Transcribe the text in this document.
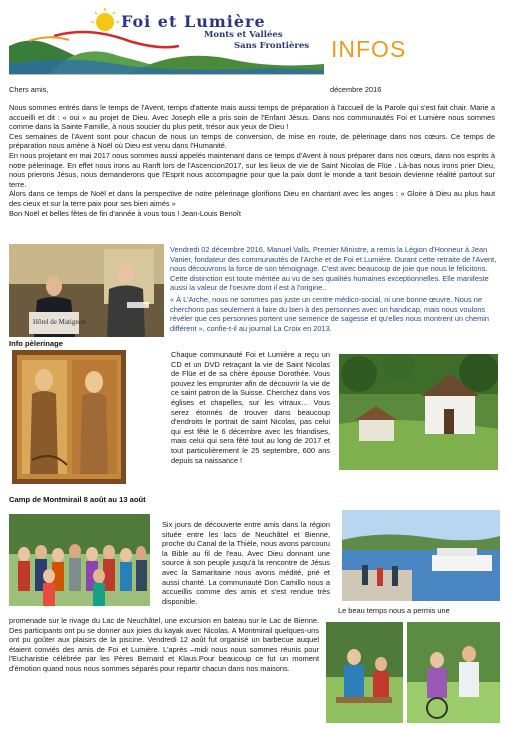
Foi et Lumière
Monts et Vallées
Sans Frontières INFOS
Chers amis,	décembre 2016
Nous sommes entrés dans le temps de l'Avent, temps d'attente mais aussi temps de préparation à l'accueil de la Parole qui s'est fait chair. Marie a accueilli et dit : « oui » au projet de Dieu. Avec Joseph elle a pris soin de l'Enfant Jésus. Dans nos communautés Foi et Lumière nous sommes comme dans la Sainte Famille, à nous soucier du plus petit, trésor aux yeux de Dieu !
Ces semaines de l'Avent sont pour chacun de nous un temps de conversion, de mise en route, de pèlerinage dans nos cœurs. Ce temps de préparation nous amène à Noël où Dieu est venu dans l'Humanité.
En nous projetant en mai 2017 nous sommes aussi appelés maintenant dans ce temps d'Avent à nous préparer dans nos cœurs, dans nos esprits à notre pèlerinage. En effet nous irons au Ranft lors de l'Ascencion2017, sur les lieux de vie de Saint Nicolas de Flüe . Là-bas nous irons prier Dieu, nous prierons Jésus, nous demanderons que l'Esprit nous accompagne pour que la paix dont le monde a tant besoin devienne réalité partout sur terre.
Alors dans ce temps de Noël et dans la perspective de notre pèlerinage glorifions Dieu en chantant avec les anges : « Gloire à Dieu au plus haut des cieux et sur la terre paix pour ses bien aimés »
Bon Noël et belles fêtes de fin d'année à vous tous ! Jean-Louis Benoît
Hôtel de Matignon
Vendredi 02 décembre 2016, Manuel Valls, Premier Ministre, a remis la Légion d'Honneur à Jean Vanier, fondateur des communautés de l'Arche et de Foi et Lumière. Durant cette retraite de l'Avent, nous découvrons la force de son témoignage. C'est avec beaucoup de joie que nous le félicitons. Cette distinction est toute méritée au vu de ses qualités humaines exceptionnelles. Elle manifeste aussi la valeur de l'oeuvre dont il est à l'origine..
« À L'Arche, nous ne sommes pas juste un centre médico-social, ni une bonne œuvre. Nous ne cherchons pas seulement à faire du bien à des personnes avec un handicap, mais nous voulons révéler que ces personnes portent une semence de sagesse et qu'elles nous montrent un chemin différent », confie-t-il au journal La Croix en 2013.
Info pèlerinage
Chaque communauté Foi et Lumière a reçu un CD et un DVD retraçant la vie de Saint Nicolas de Flüe et de sa chère épouse Dorothée. Vous pouvez les emprunter afin de découvrir la vie de ce saint patron de la Suisse. Cherchez dans vos églises et chapelles, sur les vitraux… Vous serez étonnés de trouver dans beaucoup d'endroits le portrait de saint Nicolas, pas celui qui est fêté le 6 décembre avec les friandises, mais celui qui sera fêté tout au long de 2017 et tout particulièrement le 25 septembre, 600 ans depuis sa naissance !
Camp de Montmirail 8 août au 13 août
Six jours de découverte entre amis dans la région située entre les lacs de Neuchâtel et Bienne, proche du Canal de la Thièle, nous avons parcouru la Bible au fil de l'eau. Avec Dieu donnant une source à son peuple jusqu'à la rencontre de Jésus avec la Samaritaine nous avons médité, prié et aussi chanté. La communauté Don Camillo nous a accueillis comme des amis et s'est rendue très disponible.
Le beau temps nous a permis une
promenade sur le rivage du Lac de Neuchâtel, une excursion en bateau sur le Lac de Bienne. Des participants ont pu se donner aux joies du kayak avec Nicolas. A Montmirail quelques-uns ont pu goûter aux plaisirs de la piscine. Vendredi 12 août fut organisé un barbecue auquel étaient conviés des amis de Foi et Lumière. L'après –midi nous nous sommes réunis pour l'Eucharistie célébrée par les Pères Bernard et Klaus.Pour beaucoup ce fut un moment d'émotion quand nous nous sommes séparés pour repartir chacun dans nos maisons.
